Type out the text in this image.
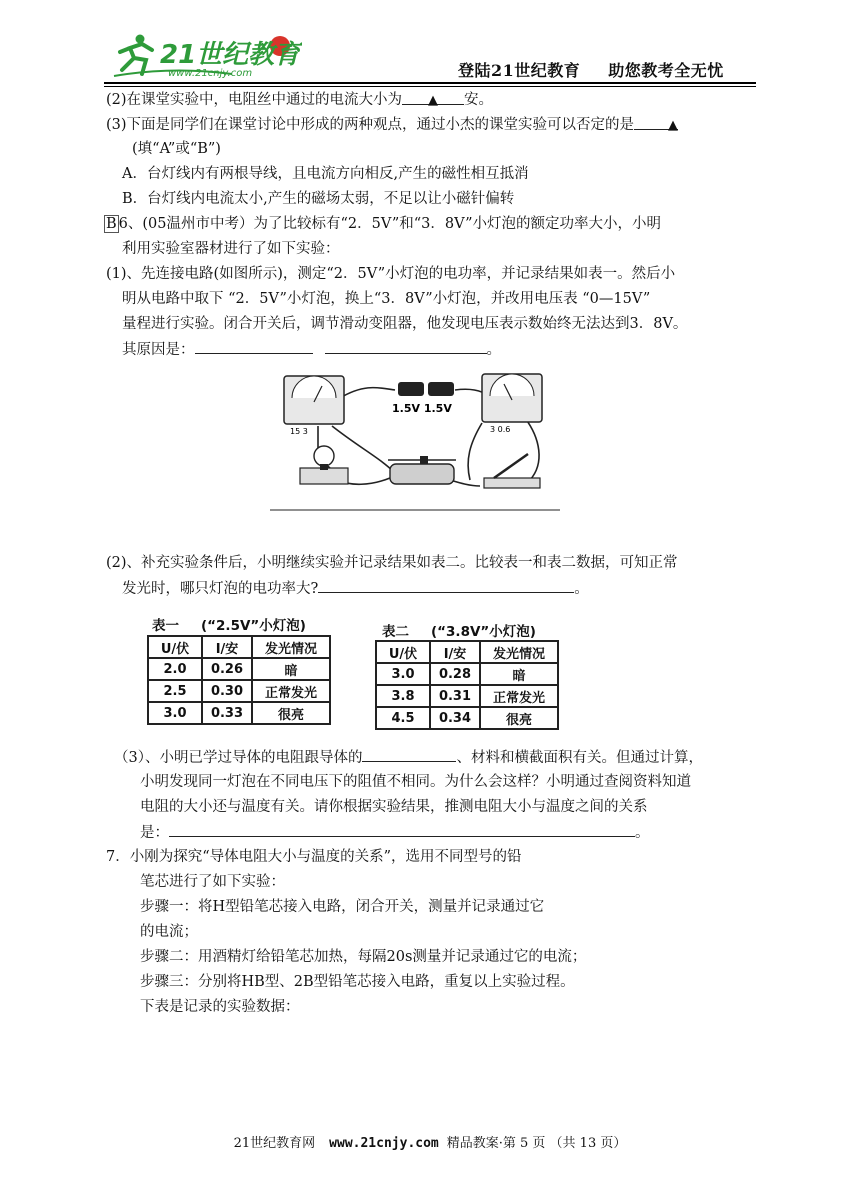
21世纪教育
www.21cnjy.com	登陆21世纪教育 助您教考全无忧
(2)在课堂实验中，电阻丝中通过的电流大小为 ▲ 安。
(3)下面是同学们在课堂讨论中形成的两种观点，通过小杰的课堂实验可以否定的是	▲
(填“A”或“B”)
A．台灯线内有两根导线，且电流方向相反,产生的磁性相互抵消
B．台灯线内电流太小,产生的磁场太弱，不足以让小磁针偏转
B 6、(05温州市中考）为了比较标有“2．5V”和“3．8V”小灯泡的额定功率大小，小明
利用实验室器材进行了如下实验：
(1)、先连接电路(如图所示)，测定“2．5V”小灯泡的电功率，并记录结果如表一。然后小
明从电路中取下 “2．5V”小灯泡，换上“3．8V”小灯泡，并改用电压表 “0—15V”
量程进行实验。闭合开关后，调节滑动变阻器，他发现电压表示数始终无法达到3．8V。
其原因是：	。
15 3
1.5V 1.5V
3 0.6
(2)、补充实验条件后，小明继续实验并记录结果如表二。比较表一和表二数据，可知正常
发光时，哪只灯泡的电功率大?	。
表一 (“2.5V”小灯泡)
U/伏	I/安	发光情况
2.0	0.26	暗
2.5	0.30	正常发光
3.0	0.33	很亮
表二 (“3.8V”小灯泡)
U/伏	I/安	发光情况
3.0	0.28	暗
3.8	0.31	正常发光
4.5	0.34	很亮
（3）、小明已学过导体的电阻跟导体的	、材料和横截面积有关。但通过计算，
小明发现同一灯泡在不同电压下的阻值不相同。为什么会这样？小明通过查阅资料知道
电阻的大小还与温度有关。请你根据实验结果，推测电阻大小与温度之间的关系
是：	。
7．小刚为探究“导体电阻大小与温度的关系”，选用不同型号的铅
笔芯进行了如下实验：
步骤一：将H型铅笔芯接入电路，闭合开关，测量并记录通过它
的电流；
步骤二：用酒精灯给铅笔芯加热，每隔20s测量并记录通过它的电流；
步骤三：分别将HB型、2B型铅笔芯接入电路，重复以上实验过程。
下表是记录的实验数据：
21世纪教育网 www.21cnjy.com 精品教案·第 5 页 （共 13 页）
